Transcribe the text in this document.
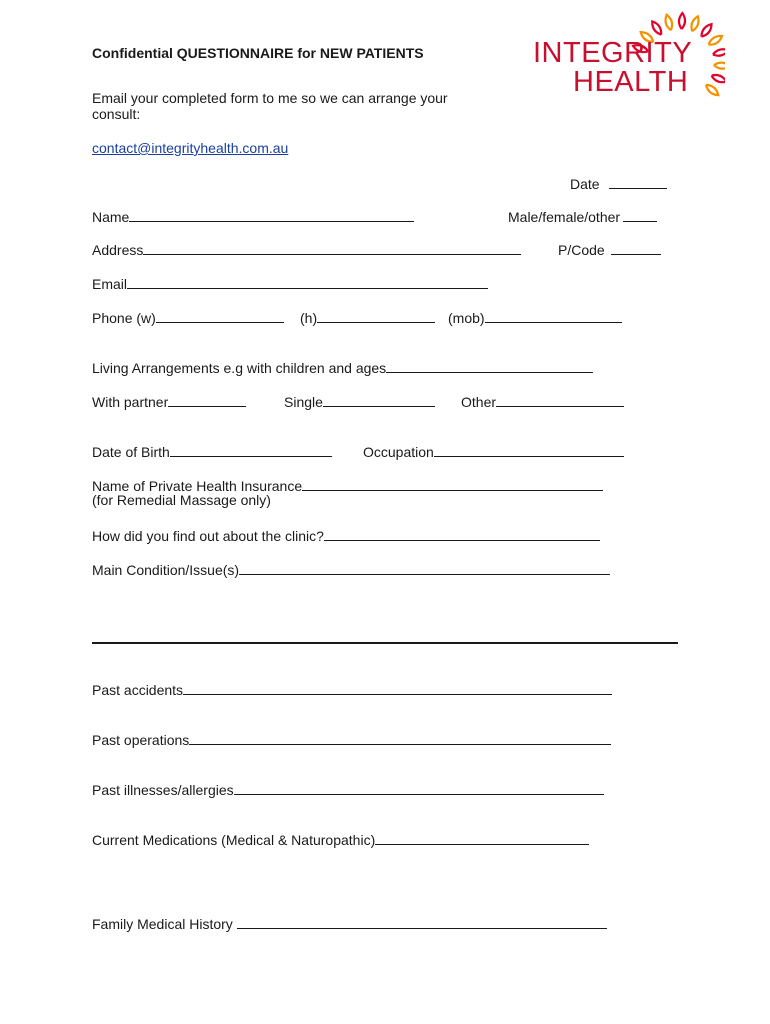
INTEGRITY
HEALTH
Confidential QUESTIONNAIRE for NEW PATIENTS
Email your completed form to me so we can arrange your
consult:
contact@integrityhealth.com.au
Date
Name	Male/female/other
Address	P/Code
Email
Phone (w)	(h)	(mob)
Living Arrangements e.g with children and ages
With partner	Single	Other
Date of Birth	Occupation
Name of Private Health Insurance
(for Remedial Massage only)
How did you find out about the clinic?
Main Condition/Issue(s)
Past accidents
Past operations
Past illnesses/allergies
Current Medications (Medical & Naturopathic)
Family Medical History
